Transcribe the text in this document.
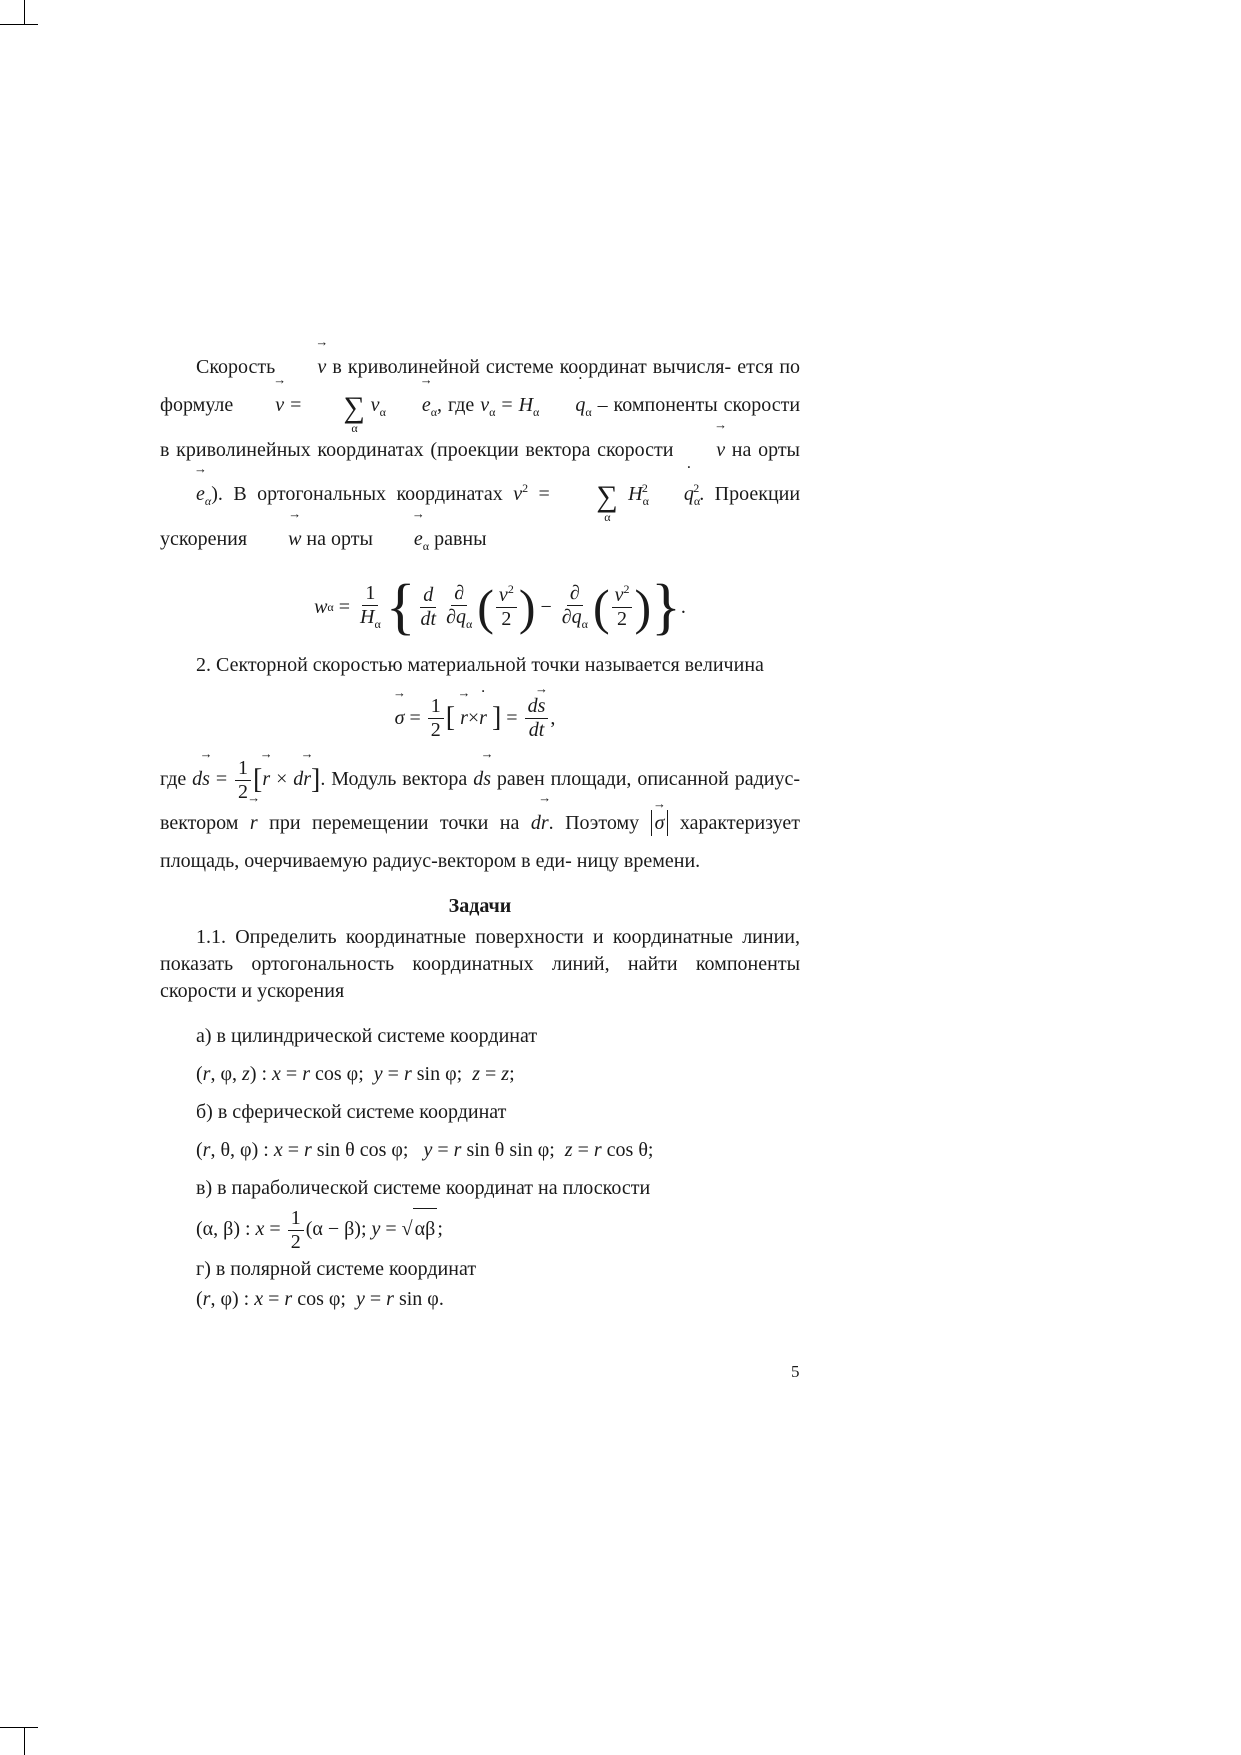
Скорость → v в криволинейной системе координат вычисля- ется по формуле → v = ∑
α
$v_\alpha\to e_\alpha$, где $v_\alpha$ = $H_\alpha˙$ $q_\alpha$ – компоненты скорости в криволинейных координатах (проекции вектора скорости → v на орты → $e_\alpha$). В ортогональных координатах $v^2$ = ∑
α
$H_\alpha^2˙$ $q_\alpha^2$. Проекции ускорения → w на орты → $e_\alpha$ равны

w $\alpha = \frac{1}{H_\alpha}$ { $\frac{d}{dt} \frac{\partial}{\partial˙ q_\alpha}$ ( $\frac{v^2}{2}$ ) − $\frac{\partial}{\partial q_\alpha}$ ( $\frac{v^2}{2}$ ) } .

2. Секторной скоростью материальной точки называется величина

→ $\sigma = \frac{1}{2}$ [

→ r ×
˙ r
] = $\frac{d\to s}{dt}$ ,

где $d\to s = \frac{1}{2}$ [→ r × d→ r]. Модуль вектора d→ s равен площади, описанной радиус-вектором → r при перемещении точки на d→ r. Поэтому → σ характеризует площадь, очерчиваемую радиус-вектором в еди- ницу времени.

Задачи

1.1. Определить координатные поверхности и координатные линии, показать ортогональность координатных линий, найти компоненты скорости и ускорения

а) в цилиндрической системе координат

(r, φ, z) : x = r cos φ;  y = r sin φ;  z = z;

б) в сферической системе координат

(r, θ, φ) : x = r sin θ cos φ;   y = r sin θ sin φ;  z = r cos θ;

в) в параболической системе координат на плоскости

(α, β) : $x = \frac{1}{2} (\alpha - \beta)$; y = √ αβ ;

г) в полярной системе координат

(r, φ) : x = r cos φ;  y = r sin φ.

5
